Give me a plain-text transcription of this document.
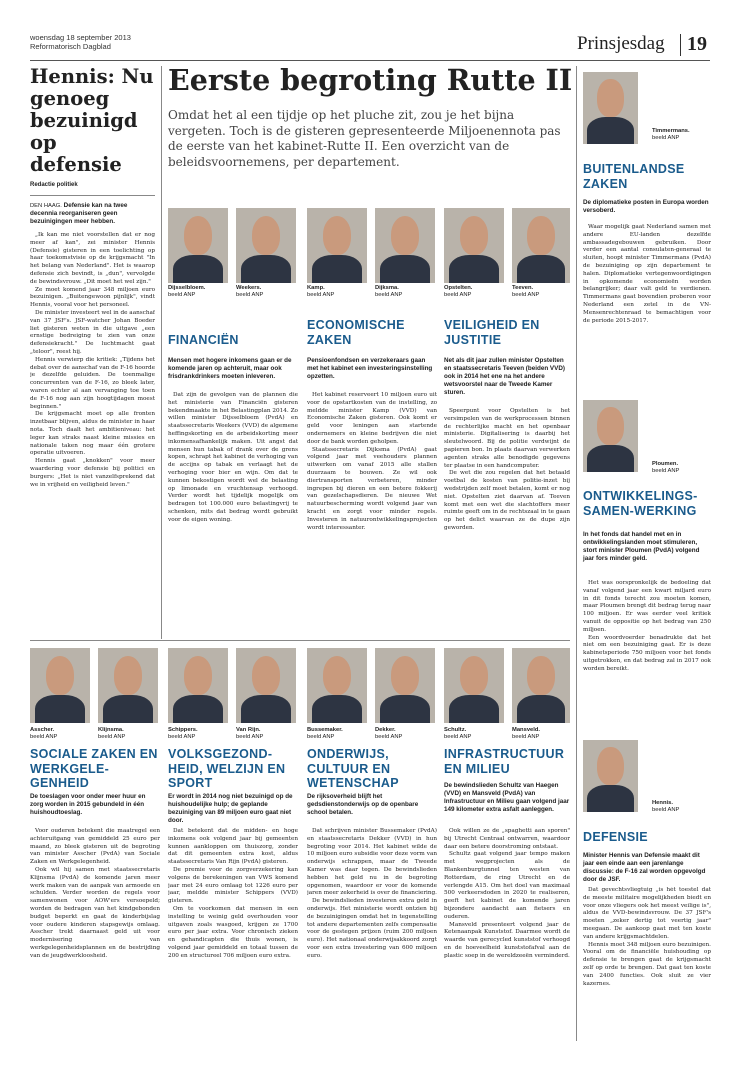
woensdag 18 september 2013
Reformatorisch Dagblad	Prinsjesdag 19
Hennis: Nu genoeg bezuinigd op defensie
Redactie politiek
DEN HAAG. Defensie kan na twee decennia reorganiseren geen bezuinigingen meer hebben.

„Ik kan me niet voorstellen dat er nog meer af kan", zei minister Hennis (Defensie) gisteren in een toelichting op haar toekomstvisie op de krijgsmacht "In het belang van Nederland". Het is waarop defensie zich bevindt, is „dun", vervolgde de bewindsvrouw. „Dit moet het wel zijn."

Ze moet komend jaar 348 miljoen euro bezuinigen. „Buitengewoon pijnlijk", vindt Hennis, vooral voor het personeel.

De minister investeert wel in de aanschaf van 37 JSF's. JSF-watcher Johan Boeder liet gisteren weten in die uitgave „een ernstige bedreiging te zien van onze defensiekracht." De luchtmacht gaat „teloor", reest hij.

Hennis verwierp die kritiek: „Tijdens het debat over de aanschaf van de F-16 hoorde je dezelfde geluiden. De toenmalige concurrenten van de F-16, zo bleek later, waren echter al aan vervanging toe toen de F-16 nog aan zijn hoogtijdagen moest beginnen."

De krijgsmacht moet op alle fronten inzetbaar blijven, aldus de minister in haar nota. Toch daalt het ambitieniveau: het leger kan straks naast kleine missies en nationale taken nog maar één grotere operatie uitvoeren.

Hennis gaat „knokken" voor meer waardering voor defensie bij politici en burgers: „Het is niet vanzelfsprekend dat we in vrijheid en veiligheid leven."

Eerste begroting Rutte II
Omdat het al een tijdje op het pluche zit, zou je het bijna vergeten. Toch is de gisteren gepresenteerde Miljoenennota pas de eerste van het kabinet-Rutte II. Een overzicht van de beleidsvoornemens, per departement.
Timmermans.
beeld ANP
BUITENLANDSE ZAKEN
De diplomatieke posten in Europa worden versoberd.

Waar mogelijk gaat Nederland samen met andere EU-landen dezelfde ambassadegebouwen gebruiken. Door verder een aantal consulaten-generaal te sluiten, hoopt minister Timmermans (PvdA) de bezuiniging op zijn departement te halen. Diplomatieke vertegenwoordigingen in opkomende economieën worden belangrijker; daar valt geld te verdienen. Timmermans gaat bovendien proberen voor Nederland een zetel in de VN-Mensenrechtenraad te bemachtigen voor de periode 2015-2017.

Ploumen.
beeld ANP
ONTWIKKELINGS-SAMEN-WERKING
In het fonds dat handel met en in ontwikkelingslanden moet stimuleren, stort minister Ploumen (PvdA) volgend jaar fors minder geld.

Het was oorspronkelijk de bedoeling dat vanaf volgend jaar een kwart miljard euro in dit fonds terecht zou moeten komen, maar Ploumen brengt dit bedrag terug naar 100 miljoen. Er was eerder veel kritiek vanuit de oppositie op het bedrag van 250 miljoen.

Een woordvoerder benadrukte dat het niet om een bezuiniging gaat. Er is deze kabinetsperiode 750 miljoen voor het fonds uitgetrokken, en dat bedrag zal in 2017 ook worden bereikt.

Hennis.
beeld ANP
DEFENSIE
Minister Hennis van Defensie maakt dit jaar een einde aan een jarenlange discussie: de F-16 zal worden opgevolgd door de JSF.

Dat gevechtsvliegtuig „is hét toestel dat de meeste militaire mogelijkheden biedt en voor onze vliegers ook het meest veilige is", aldus de VVD-bewindsvrouw. De 37 JSF's moeten „zeker dertig tot veertig jaar" meegaan. De aankoop gaat met ten koste van andere krijgsmachtdelen.

Hennis moet 348 miljoen euro bezuinigen. Vooral om de financiële huishouding op defensie te brengen gaat de krijgsmacht zelf op orde te brengen. Dat gaat ten koste van 2400 functies. Ook sluit ze vier kazernes.

Dijsselbloem.
beeld ANP
Weekers.
beeld ANP
Kamp.
beeld ANP
Dijksma.
beeld ANP
Opstelten.
beeld ANP
Teeven.
beeld ANP
FINANCIËN
Mensen met hogere inkomens gaan er de komende jaren op achteruit, maar ook frisdrankdrinkers moeten inleveren.

Dat zijn de gevolgen van de plannen die het ministerie van Financiën gisteren bekendmaakte in het Belastingplan 2014. Zo willen minister Dijsselbloem (PvdA) en staatssecretaris Weekers (VVD) de algemene heffingskorting en de arbeidskorting meer inkomensafhankelijk maken. Uit angst dat mensen hun tabak of drank over de grens kopen, schrapt het kabinet de verhoging van de accijns op tabak en verlaagt het de verhoging voor bier en wijn. Om dat te kunnen bekostigen wordt wel de belasting op limonade en vruchtensap verhoogd. Verder wordt het tijdelijk mogelijk om bedragen tot 100.000 euro belastingvrij te schenken, mits dat bedrag wordt gebruikt voor de eigen woning.

ECONOMISCHE ZAKEN
Pensioenfondsen en verzekeraars gaan met het kabinet een investeringsinstelling opzetten.

Het kabinet reserveert 10 miljoen euro uit voor de opstartkosten van de instelling, zo meldde minister Kamp (VVD) van Economische Zaken gisteren. Ook komt er geld voor leningen aan startende ondernemers en kleine bedrijven die niet door de bank worden geholpen.

Staatssecretaris Dijksma (PvdA) gaat volgend jaar met veehouders plannen uitwerken om vanaf 2015 alle stallen duurzaam te bouwen. Ze wil ook diertransporten verbeteren, minder ingrepen bij dieren en een betere fokkerij van gezelschapsdieren. De nieuwe Wet natuurbescherming wordt volgend jaar van kracht en zorgt voor minder regels. Investeren in natuurontwikkelingsprojecten wordt interessanter.

VEILIGHEID EN JUSTITIE
Net als dit jaar zullen minister Opstelten en staatssecretaris Teeven (beiden VVD) ook in 2014 het ene na het andere wetsvoorstel naar de Tweede Kamer sturen.

Speerpunt voor Opstelten is het versimpelen van de werkprocessen binnen de rechterlijke macht en het openbaar ministerie. Digitalisering is daarbij het sleutelwoord. Bij de politie verdwijnt de papieren bon. In plaats daarvan verwerken agenten straks alle benodigde gegevens ter plaatse in een handcomputer.

De wet die zou regelen dat het betaald voetbal de kosten van politie-inzet bij wedstrijden zelf moet betalen, komt er nog niet. Opstelten ziet daarvan af. Teeven komt met een wet die slachtoffers meer ruimte geeft om in de rechtszaal in te gaan op het delict waarvan ze de dupe zijn geworden.

Asscher.
beeld ANP
Klijnsma.
beeld ANP
Schippers.
beeld ANP
Van Rijn.
beeld ANP
Bussemaker.
beeld ANP
Dekker.
beeld ANP
Schultz.
beeld ANP
Mansveld.
beeld ANP
SOCIALE ZAKEN EN WERKGELE-GENHEID
De toeslagen voor onder meer huur en zorg worden in 2015 gebundeld in één huishoudtoeslag.

Voor ouderen betekent die maatregel een achteruitgang van gemiddeld 25 euro per maand, zo bleek gisteren uit de begroting van minister Asscher (PvdA) van Sociale Zaken en Werkgelegenheid.

Ook wil hij samen met staatssecretaris Klijnsma (PvdA) de komende jaren meer werk maken van de aanpak van armoede en schulden. Verder worden de regels voor samenwonen voor AOW'ers versoepeld; worden de bedragen van het kindgebonden budget beperkt en gaat de kinderbijslag voor oudere kinderen stapsgewijs omlaag. Asscher trekt daarnaast geld uit voor modernisering van werkgelegenheidsplannen en de bestrijding van de jeugdwerkloosheid.

VOLKSGEZOND-HEID, WELZIJN EN SPORT
Er wordt in 2014 nog niet bezuinigd op de huishoudelijke hulp; de geplande bezuiniging van 89 miljoen euro gaat niet door.

Dat betekent dat de midden- en hoge inkomens ook volgend jaar bij gemeenten kunnen aankloppen om thuiszorg, zonder dat dit gemeenten extra kost, aldus staatssecretaris Van Rijn (PvdA) gisteren.

De premie voor de zorgverzekering kan volgens de berekeningen van VWS komend jaar met 24 euro omlaag tot 1226 euro per jaar, meldde minister Schippers (VVD) gisteren.

Om te voorkomen dat mensen in een instelling te weinig geld overhouden voor uitgaven zoals wasgoed, krijgen ze 1700 euro per jaar extra. Voor chronisch zieken en gehandicapten die thuis wonen, is volgend jaar gemiddeld en totaal tussen de 200 en structureel 706 miljoen euro extra.

ONDERWIJS, CULTUUR EN WETENSCHAP
De rijksoverheid blijft het gedsdienstonderwijs op de openbare school betalen.

Dat schrijven minister Bussemaker (PvdA) en staatssecretaris Dekker (VVD) in hun begroting voor 2014. Het kabinet wilde de 10 miljoen euro subsidie voor deze vorm van onderwijs schrappen, maar de Tweede Kamer was daar tegen. De bewindslieden hebben het geld nu in de begroting opgenomen, waardoor er voor de komende jaren meer zekerheid is over de financiering.

De bewindslieden investeren extra geld in onderwijs. Het ministerie wordt ontzien bij de bezuinigingen omdat het in tegenstelling tot andere departementen zelfs compensatie voor de gestegen prijzen (ruim 200 miljoen euro). Het nationaal onderwijsakkoord zorgt voor een extra investering van 600 miljoen euro.

INFRASTRUCTUUR EN MILIEU
De bewindslieden Schultz van Haegen (VVD) en Mansveld (PvdA) van Infrastructuur en Milieu gaan volgend jaar 149 kilometer extra asfalt aanleggen.

Ook willen ze de „spaghetti aan sporen" bij Utrecht Centraal ontwarren, waardoor daar een betere doorstroming ontstaat.

Schultz gaat volgend jaar tempo maken met wegprojecten als de Blankenburgtunnel ten westen van Rotterdam, de ring Utrecht en de verlengde A15. Om het doel van maximaal 500 verkeersdoden in 2020 te realiseren, geeft het kabinet de komende jaren bijzondere aandacht aan fietsers en ouderen.

Mansveld presenteert volgend jaar de Ketenaanpak Kunststof. Daarmee wordt de waarde van gerecycled kunststof verhoogd en de hoeveelheid kunststofafval aan de plastic soep in de wereldzeeën verminderd.
